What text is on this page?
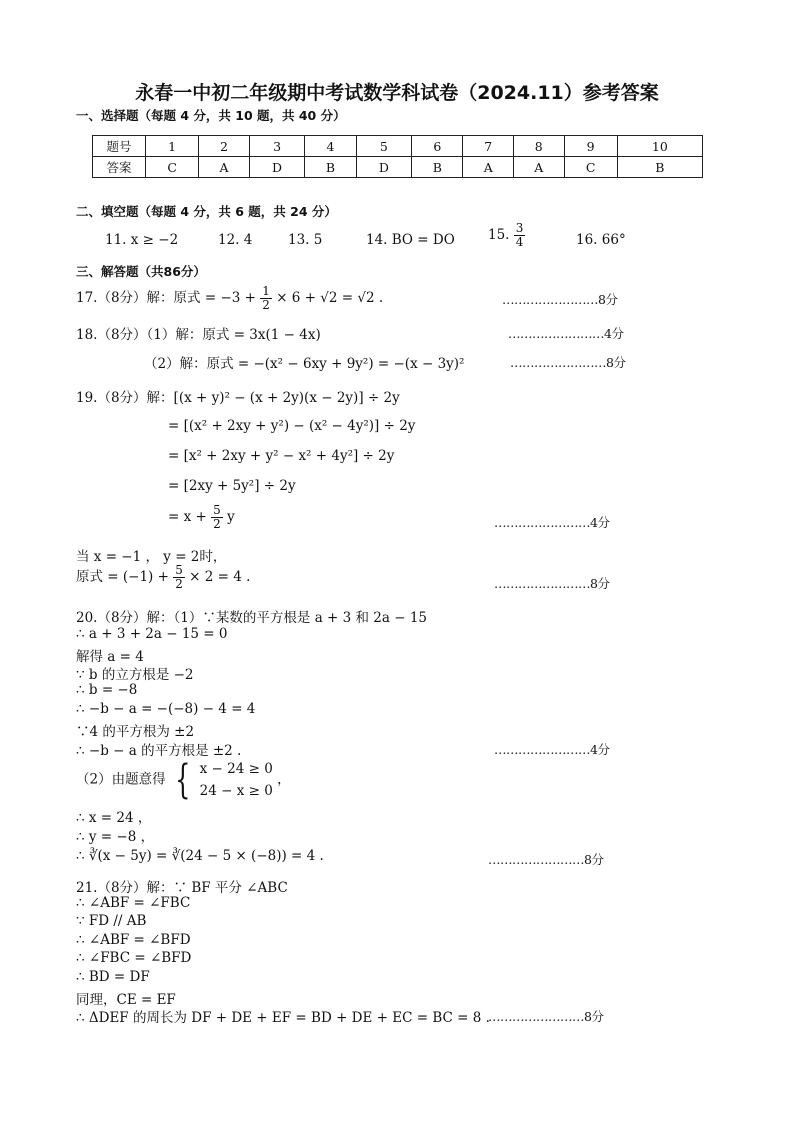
永春一中初二年级期中考试数学科试卷（2024.11）参考答案
一、选择题（每题 4 分，共 10 题，共 40 分）
题号	1	2	3	4	5	6	7	8	9	10
答案	C	A	D	B	D	B	A	A	C	B
二、填空题（每题 4 分，共 6 题，共 24 分）
11. x ≥ −2	12. 4	13. 5	14. BO = DO 15. $\frac{3}{4}$	16. 66°
三、解答题（共86分）
17.（8分）解：原式 = $-3 + \frac{1}{2} \times 6 + √2 = √2$ .	……………………8分
18.（8分）（1）解：原式 = 3x(1 − 4x)	……………………4分
（2）解：原式 = −(x² − 6xy + 9y²) = −(x − 3y)²	……………………8分
19.（8分）解：[(x + y)² − (x + 2y)(x − 2y)] ÷ 2y
= [(x² + 2xy + y²) − (x² − 4y²)] ÷ 2y
= [x² + 2xy + y² − x² + 4y²] ÷ 2y
= [2xy + 5y²] ÷ 2y
= $x + \frac{5}{2}$ y	……………………4分
当 x = −1 ， y = 2时，
原式 = $(-1) + \frac{5}{2} \times 2 = 4$ .	……………………8分
20.（8分）解：（1）∵某数的平方根是 a + 3 和 2a − 15
∴ a + 3 + 2a − 15 = 0
解得 a = 4
∵ b 的立方根是 −2
∴ b = −8
∴ −b − a = −(−8) − 4 = 4
∵4 的平方根为 ±2
∴ −b − a 的平方根是 ±2 .	……………………4分
（2）由题意得 { x − 24 ≥ 0
24 − x ≥ 0
，
∴ x = 24 ，
∴ y = −8 ，
∴ ∛(x − 5y) = ∛(24 − 5 × (−8)) = 4 .	……………………8分
21.（8分）解：∵ BF 平分 ∠ABC
∴ ∠ABF = ∠FBC
∵ FD // AB
∴ ∠ABF = ∠BFD
∴ ∠FBC = ∠BFD
∴ BD = DF
同理，CE = EF
∴ ΔDEF 的周长为 DF + DE + EF = BD + DE + EC = BC = 8 .
……………………8分
